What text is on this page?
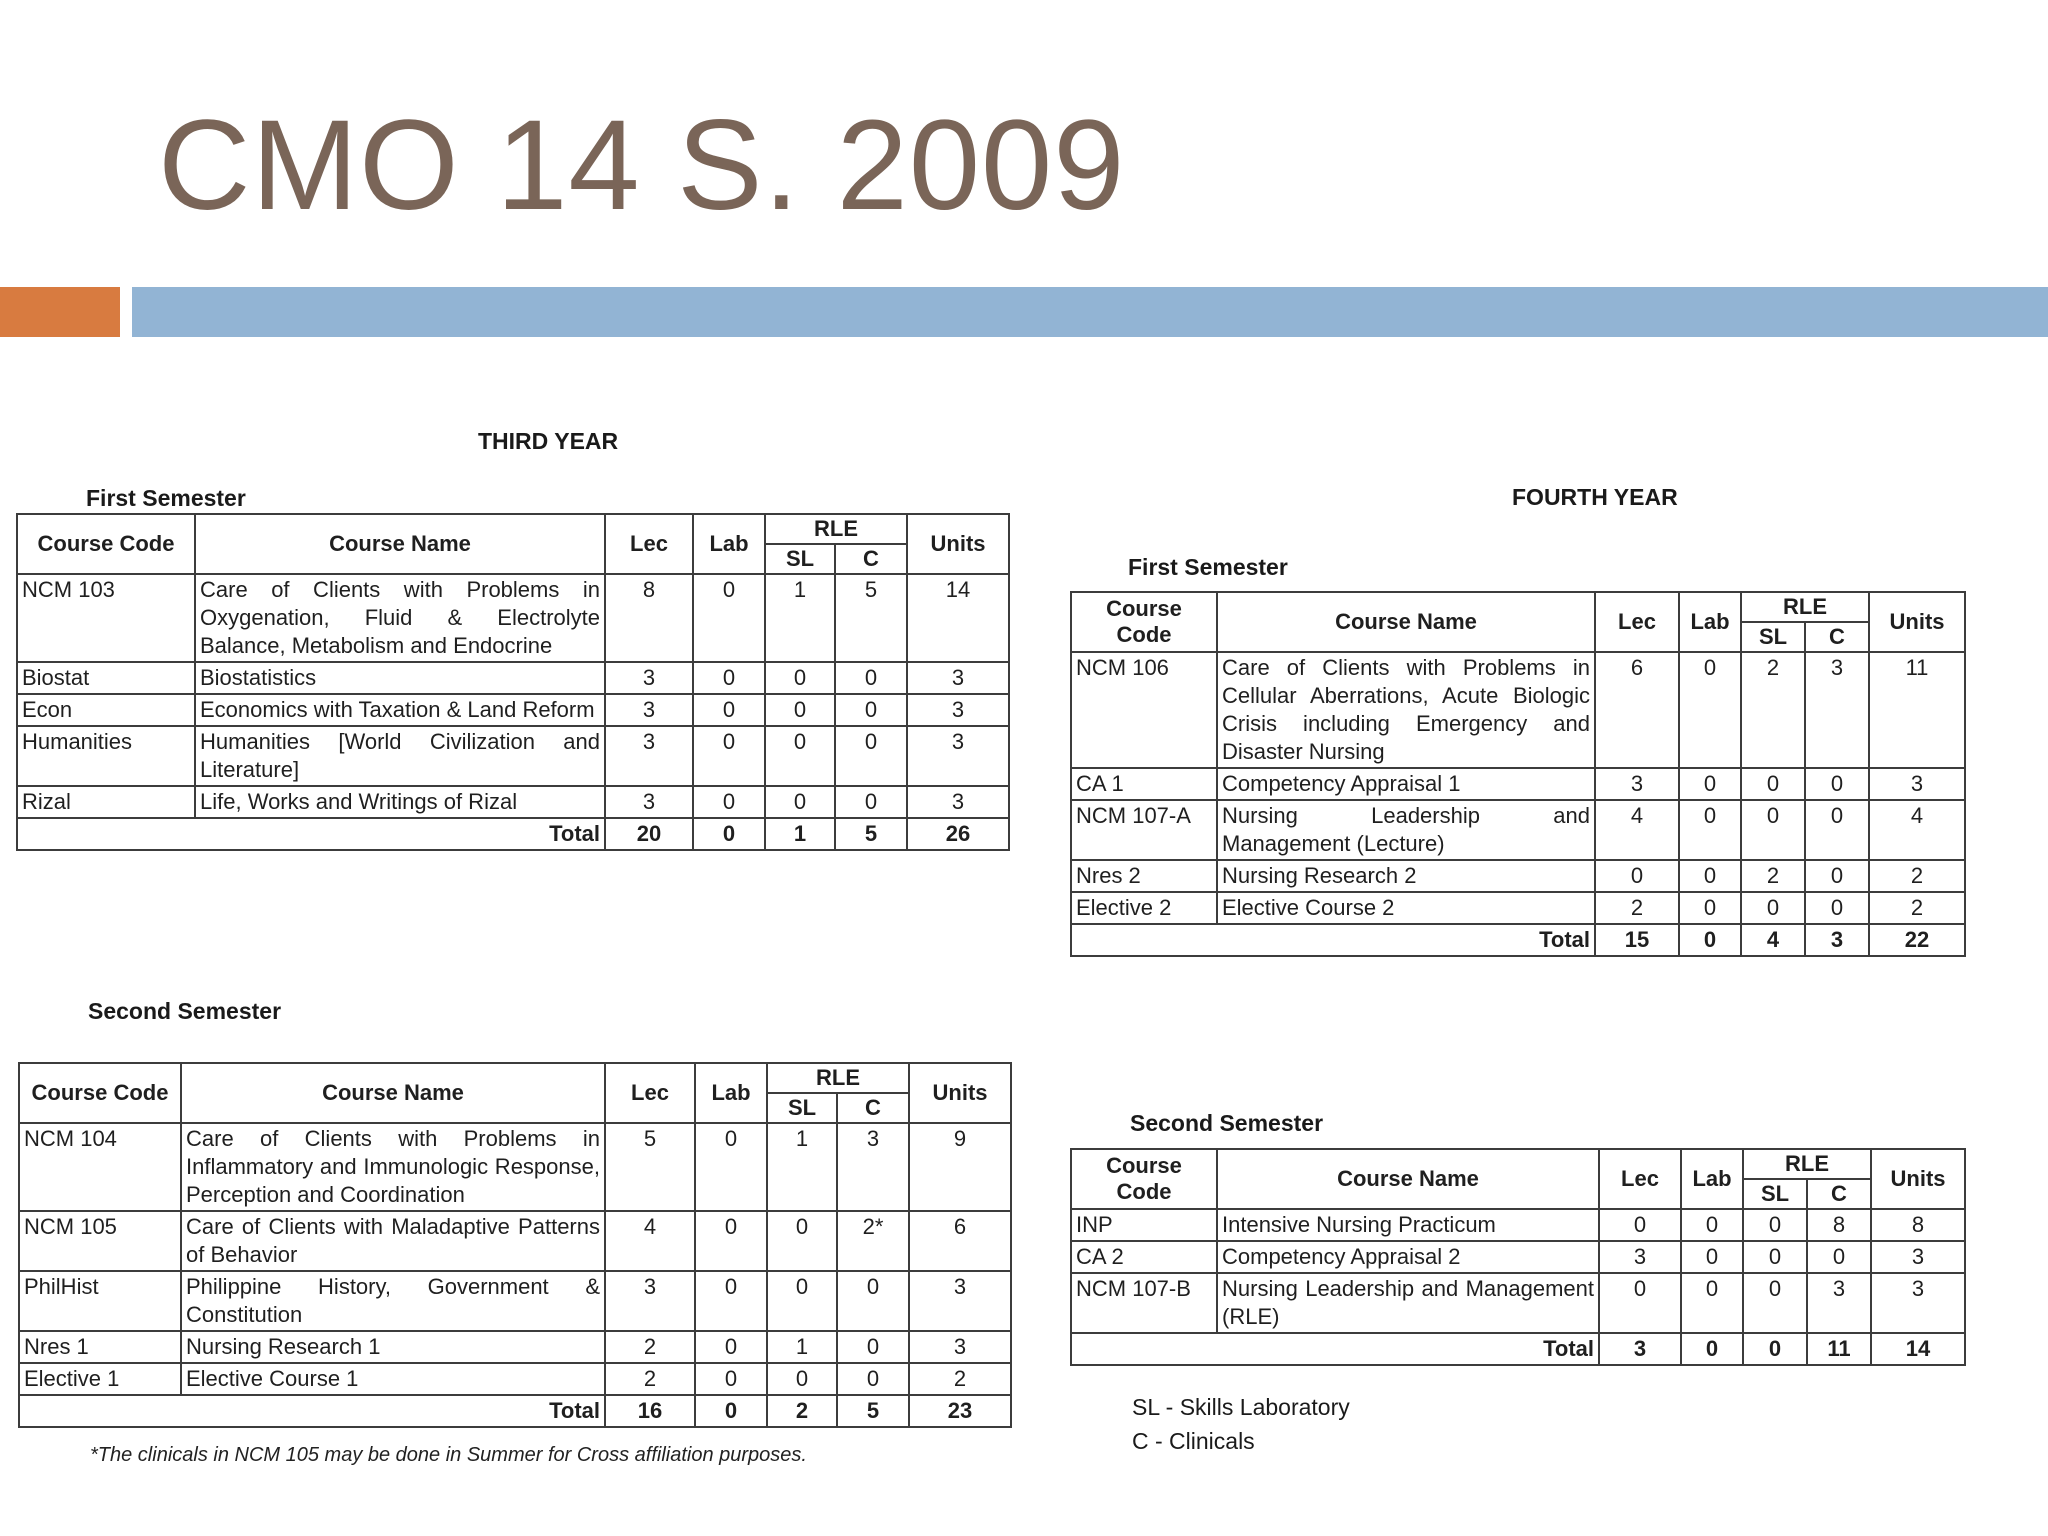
CMO 14 S. 2009

THIRD YEAR

First Semester

Course Code	Course Name	Lec	Lab	RLE		Units
				SL	C	
NCM 103	Care of Clients with Problems in Oxygenation, Fluid & Electrolyte Balance, Metabolism and Endocrine	8	0	1	5	14
Biostat	Biostatistics	3	0	0	0	3
Econ	Economics with Taxation & Land Reform	3	0	0	0	3
Humanities	Humanities [World Civilization and Literature]	3	0	0	0	3
Rizal	Life, Works and Writings of Rizal	3	0	0	0	3
Total		20	0	1	5	26

Second Semester

Course Code	Course Name	Lec	Lab	RLE		Units
				SL	C	
NCM 104	Care of Clients with Problems in Inflammatory and Immunologic Response, Perception and Coordination	5	0	1	3	9
NCM 105	Care of Clients with Maladaptive Patterns of Behavior	4	0	0	2*	6
PhilHist	Philippine History, Government & Constitution	3	0	0	0	3
Nres 1	Nursing Research 1	2	0	1	0	3
Elective 1	Elective Course 1	2	0	0	0	2
Total		16	0	2	5	23

*The clinicals in NCM 105 may be done in Summer for Cross affiliation purposes.

FOURTH YEAR

First Semester

Course Code	Course Name	Lec	Lab	RLE		Units
				SL	C	
NCM 106	Care of Clients with Problems in Cellular Aberrations, Acute Biologic Crisis including Emergency and Disaster Nursing	6	0	2	3	11
CA 1	Competency Appraisal 1	3	0	0	0	3
NCM 107-A	Nursing Leadership and Management (Lecture)	4	0	0	0	4
Nres 2	Nursing Research 2	0	0	2	0	2
Elective 2	Elective Course 2	2	0	0	0	2
Total		15	0	4	3	22

Second Semester

Course Code	Course Name	Lec	Lab	RLE		Units
				SL	C	
INP	Intensive Nursing Practicum	0	0	0	8	8
CA 2	Competency Appraisal 2	3	0	0	0	3
NCM 107-B	Nursing Leadership and Management (RLE)	0	0	0	3	3
Total		3	0	0	11	14
SL - Skills Laboratory
C - Clinicals
